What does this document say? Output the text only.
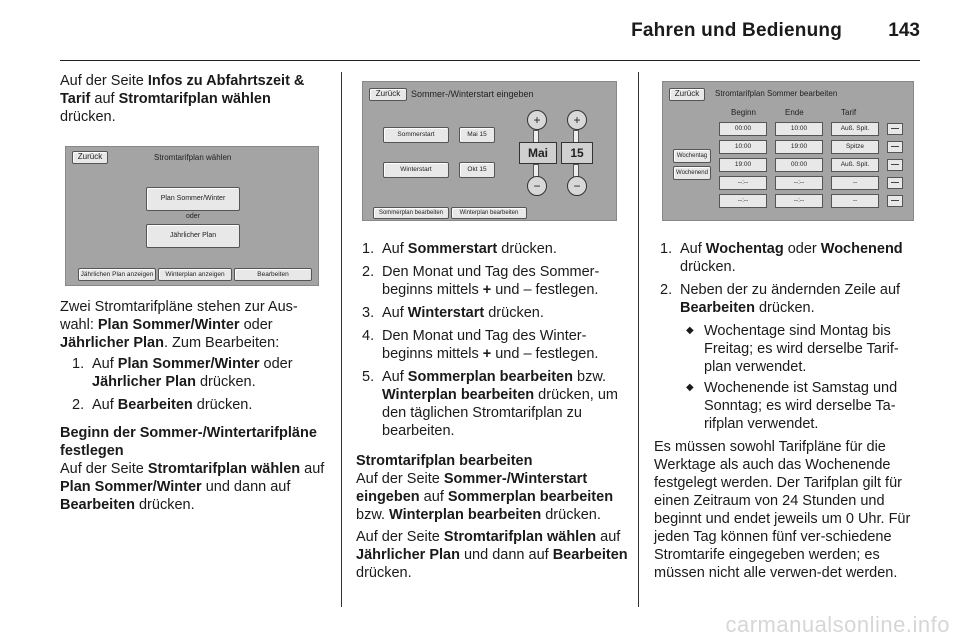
Fahren und Bedienung 143

Auf der Seite Infos zu Abfahrtszeit & Tarif auf Stromtarifplan wählen drücken.

Zurück	Stromtarifplan wählen
Plan Sommer/Winter
oder
Jährlicher Plan
Jährlichen Plan anzeigen	Winterplan anzeigen	Bearbeiten

Zwei Stromtarifpläne stehen zur Aus-wahl: Plan Sommer/Winter oder Jährlicher Plan. Zum Bearbeiten:

1. Auf Plan Sommer/Winter oder Jährlicher Plan drücken.
2. Auf Bearbeiten drücken.

Beginn der Sommer-/Wintertarifpläne festlegen

Auf der Seite Stromtarifplan wählen auf Plan Sommer/Winter und dann auf Bearbeiten drücken.

Zurück	Sommer-/Winterstart eingeben
Sommerstart	Mai 15
Winterstart	Okt 15
+
Mai
−
+
15
−
Sommerplan bearbeiten	Winterplan bearbeiten
1. Auf Sommerstart drücken.
2. Den Monat und Tag des Sommer-beginns mittels + und – festlegen.
3. Auf Winterstart drücken.
4. Den Monat und Tag des Winter-beginns mittels + und – festlegen.
5. Auf Sommerplan bearbeiten bzw. Winterplan bearbeiten drücken, um den täglichen Stromtarifplan zu bearbeiten.

Stromtarifplan bearbeiten

Auf der Seite Sommer-/Winterstart eingeben auf Sommerplan bearbeiten bzw. Winterplan bearbeiten drücken.

Auf der Seite Stromtarifplan wählen auf Jährlicher Plan und dann auf Bearbeiten drücken.

Zurück	Stromtarifplan Sommer bearbeiten
Beginn	Ende	Tarif
Wochentag
Wochenend
00:00	10:00	Auß. Spit.
10:00	19:00	Spitze
19:00	00:00	Auß. Spit.
--:--	--:--	--
--:--	--:--	--
1. Auf Wochentag oder Wochenend drücken.
2. Neben der zu ändernden Zeile auf Bearbeiten drücken.
◆ Wochentage sind Montag bis Freitag; es wird derselbe Tarif-plan verwendet.
◆ Wochenende ist Samstag und Sonntag; es wird derselbe Ta-rifplan verwendet.

Es müssen sowohl Tarifpläne für die Werktage als auch das Wochenende festgelegt werden. Der Tarifplan gilt für einen Zeitraum von 24 Stunden und beginnt und endet jeweils um 0 Uhr. Für jeden Tag können fünf ver-schiedene Stromtarife eingegeben werden; es müssen nicht alle verwen-det werden.

carmanualsonline.info
